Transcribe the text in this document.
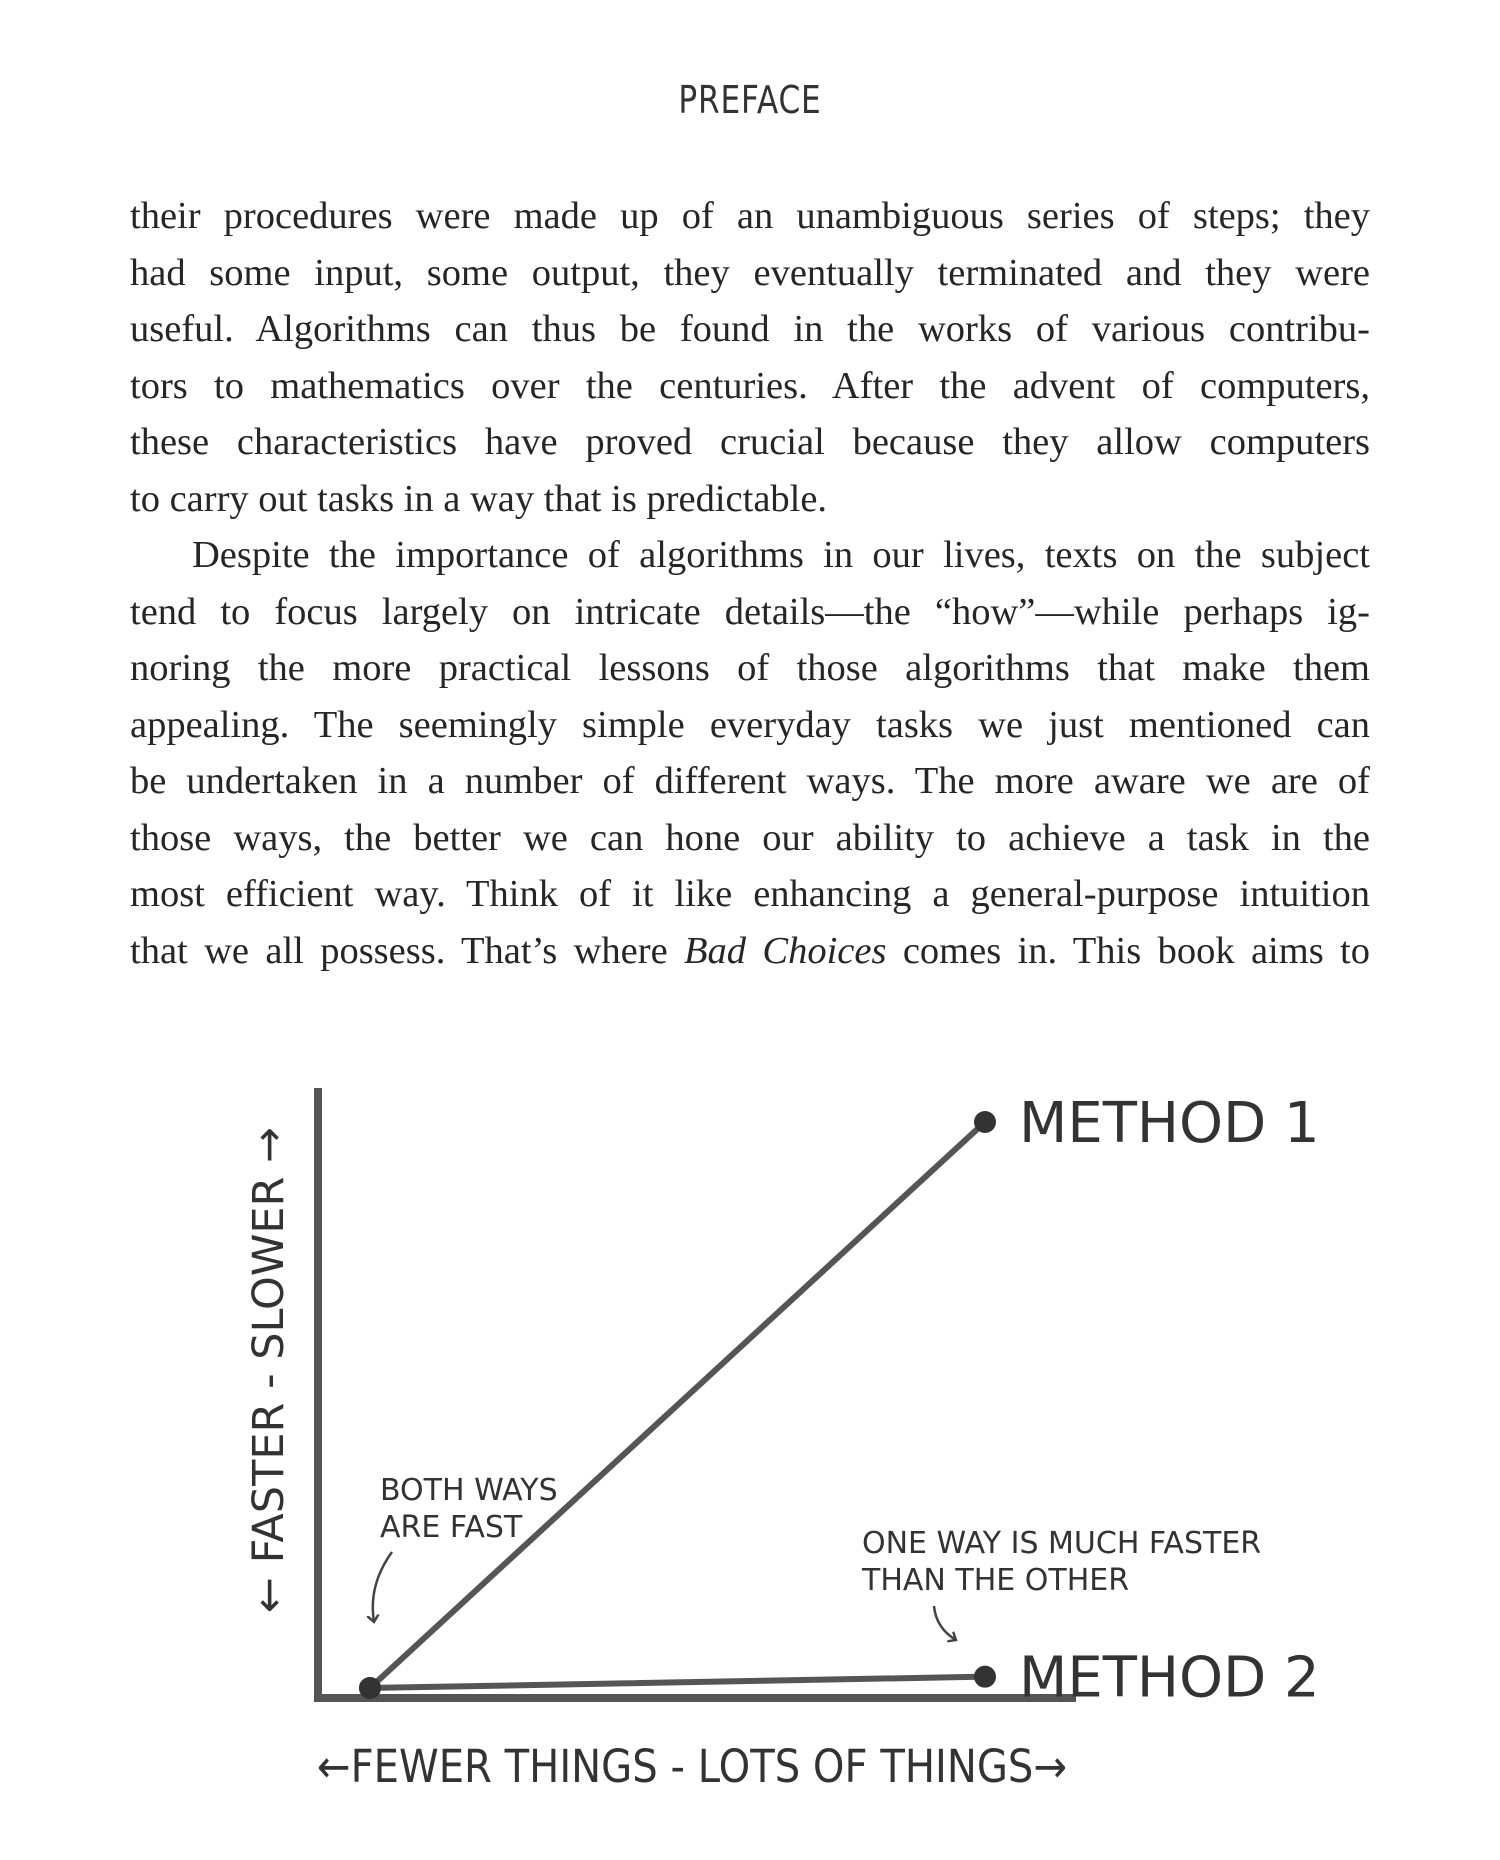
PREFACE
their procedures were made up of an unambiguous series of steps; they
had some input, some output, they eventually terminated and they were
useful. Algorithms can thus be found in the works of various contribu-
tors to mathematics over the centuries. After the advent of computers,
these characteristics have proved crucial because they allow computers
to carry out tasks in a way that is predictable.
Despite the importance of algorithms in our lives, texts on the subject
tend to focus largely on intricate details—the “how”—while perhaps ig-
noring the more practical lessons of those algorithms that make them
appealing. The seemingly simple everyday tasks we just mentioned can
be undertaken in a number of different ways. The more aware we are of
those ways, the better we can hone our ability to achieve a task in the
most efficient way. Think of it like enhancing a general-purpose intuition
that we all possess. That’s where Bad Choices comes in. This book aims to
METHOD 1
METHOD 2
← FASTER - SLOWER →
←FEWER THINGS - LOTS OF THINGS→
BOTH WAYS
ARE FAST	ONE WAY IS MUCH FASTER
THAN THE OTHER
